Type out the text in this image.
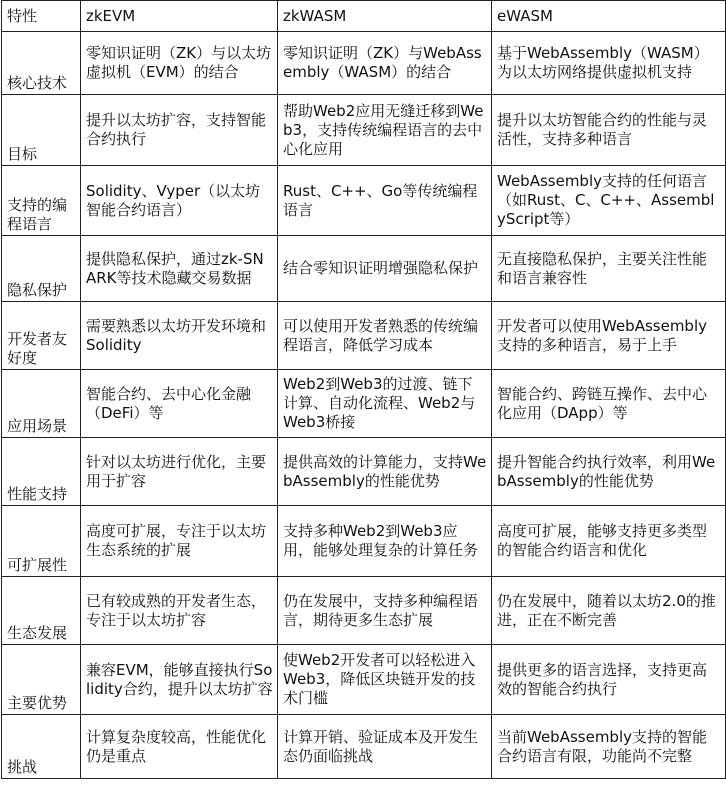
特性	zkEVM	zkWASM	eWASM
核心技术	零知识证明（ZK）与以太坊虚拟机（EVM）的结合	零知识证明（ZK）与WebAssembly（WASM）的结合	基于WebAssembly（WASM）为以太坊网络提供虚拟机支持
目标	提升以太坊扩容，支持智能合约执行	帮助Web2应用无缝迁移到Web3，支持传统编程语言的去中心化应用	提升以太坊智能合约的性能与灵活性，支持多种语言
支持的编程语言	Solidity、Vyper（以太坊智能合约语言）	Rust、C++、Go等传统编程语言	WebAssembly支持的任何语言（如Rust、C、C++、AssemblyScript等）
隐私保护	提供隐私保护，通过zk-SNARK等技术隐藏交易数据	结合零知识证明增强隐私保护	无直接隐私保护，主要关注性能和语言兼容性
开发者友好度	需要熟悉以太坊开发环境和Solidity	可以使用开发者熟悉的传统编程语言，降低学习成本	开发者可以使用WebAssembly支持的多种语言，易于上手
应用场景	智能合约、去中心化金融（DeFi）等	Web2到Web3的过渡、链下计算、自动化流程、Web2与Web3桥接	智能合约、跨链互操作、去中心化应用（DApp）等
性能支持	针对以太坊进行优化，主要用于扩容	提供高效的计算能力，支持WebAssembly的性能优势	提升智能合约执行效率，利用WebAssembly的性能优势
可扩展性	高度可扩展，专注于以太坊生态系统的扩展	支持多种Web2到Web3应用，能够处理复杂的计算任务	高度可扩展，能够支持更多类型的智能合约语言和优化
生态发展	已有较成熟的开发者生态，专注于以太坊扩容	仍在发展中，支持多种编程语言，期待更多生态扩展	仍在发展中，随着以太坊2.0的推进，正在不断完善
主要优势	兼容EVM，能够直接执行Solidity合约，提升以太坊扩容	使Web2开发者可以轻松进入Web3，降低区块链开发的技术门槛	提供更多的语言选择，支持更高效的智能合约执行
挑战	计算复杂度较高，性能优化仍是重点	计算开销、验证成本及开发生态仍面临挑战	当前WebAssembly支持的智能合约语言有限，功能尚不完整
